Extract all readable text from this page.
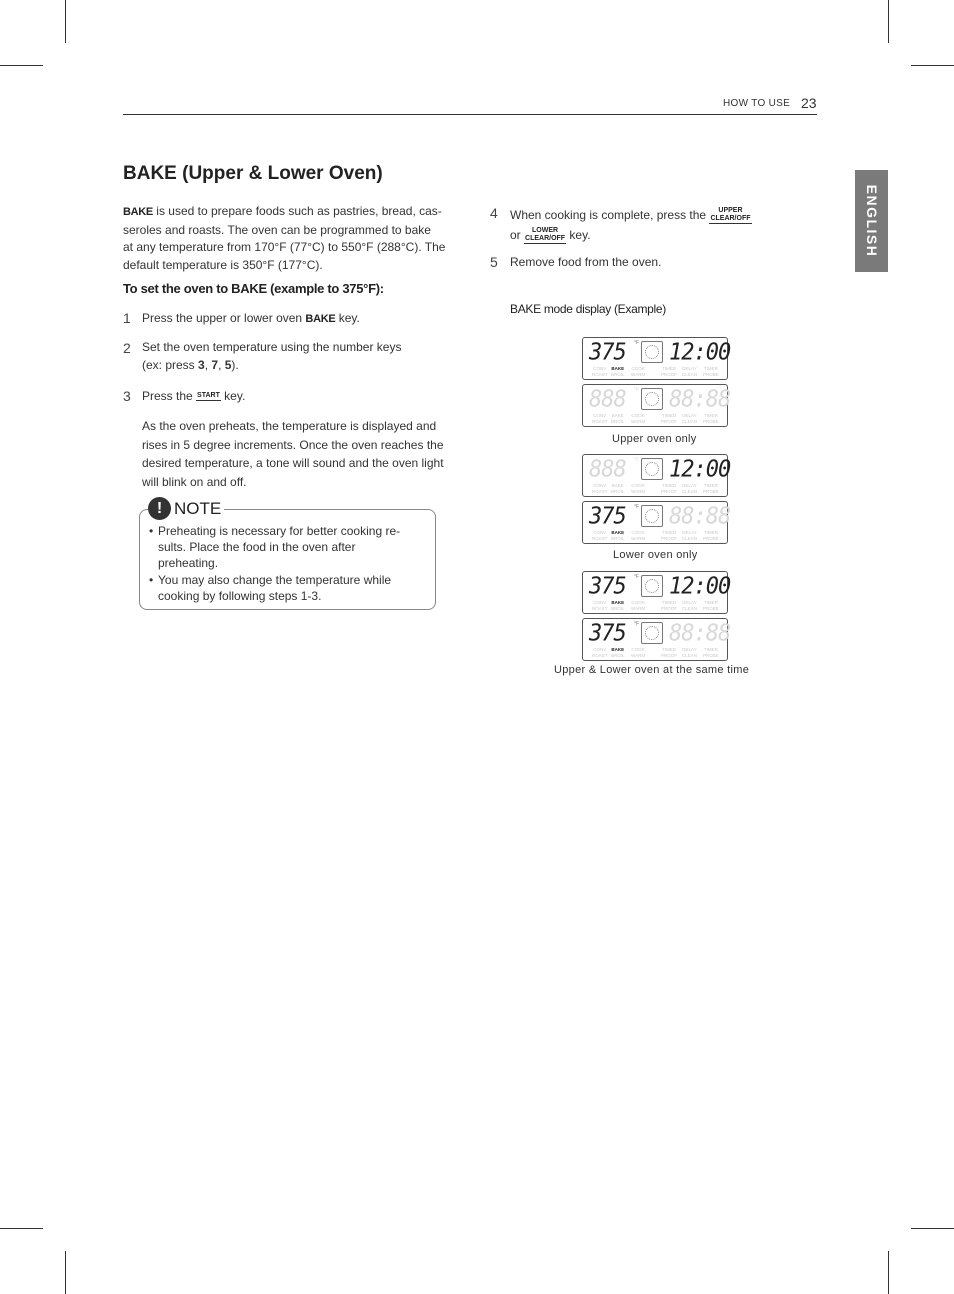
HOW TO USE 23
ENGLISH
BAKE (Upper & Lower Oven)
BAKE is used to prepare foods such as pastries, bread, cas-
seroles and roasts. The oven can be programmed to bake
at any temperature from 170°F (77°C) to 550°F (288°C). The
default temperature is 350°F (177°C).
To set the oven to BAKE (example to 375°F):
1 Press the upper or lower oven BAKE key.
2 Set the oven temperature using the number keys
(ex: press 3, 7, 5).
3 Press the START key.
As the oven preheats, the temperature is displayed and
rises in 5 degree increments. Once the oven reaches the
desired temperature, a tone will sound and the oven light
will blink on and off.
! NOTE
• Preheating is necessary for better cooking re-
sults. Place the food in the oven after
preheating.
• You may also change the temperature while
cooking by following steps 1-3.
4 When cooking is complete, press the UPPER
CLEAR/OFF
or LOWER
CLEAR/OFF key.
5 Remove food from the oven.
BAKE mode display (Example)
375 °F 12:00
CONV
ROAST
BAKE
BROIL
COOK
WARM
TIMED
PROOF
DELAY
CLEAN
TIMER
PROBE
888 °F 88:88
CONV
ROAST
BAKE
BROIL
COOK
WARM
TIMED
PROOF
DELAY
CLEAN
TIMER
PROBE
Upper oven only
888 °F 12:00
CONV
ROAST
BAKE
BROIL
COOK
WARM
TIMED
PROOF
DELAY
CLEAN
TIMER
PROBE
375 °F 88:88
CONV
ROAST
BAKE
BROIL
COOK
WARM
TIMED
PROOF
DELAY
CLEAN
TIMER
PROBE
Lower oven only
375 °F 12:00
CONV
ROAST
BAKE
BROIL
COOK
WARM
TIMED
PROOF
DELAY
CLEAN
TIMER
PROBE
375 °F 88:88
CONV
ROAST
BAKE
BROIL
COOK
WARM
TIMED
PROOF
DELAY
CLEAN
TIMER
PROBE
Upper & Lower oven at the same time
